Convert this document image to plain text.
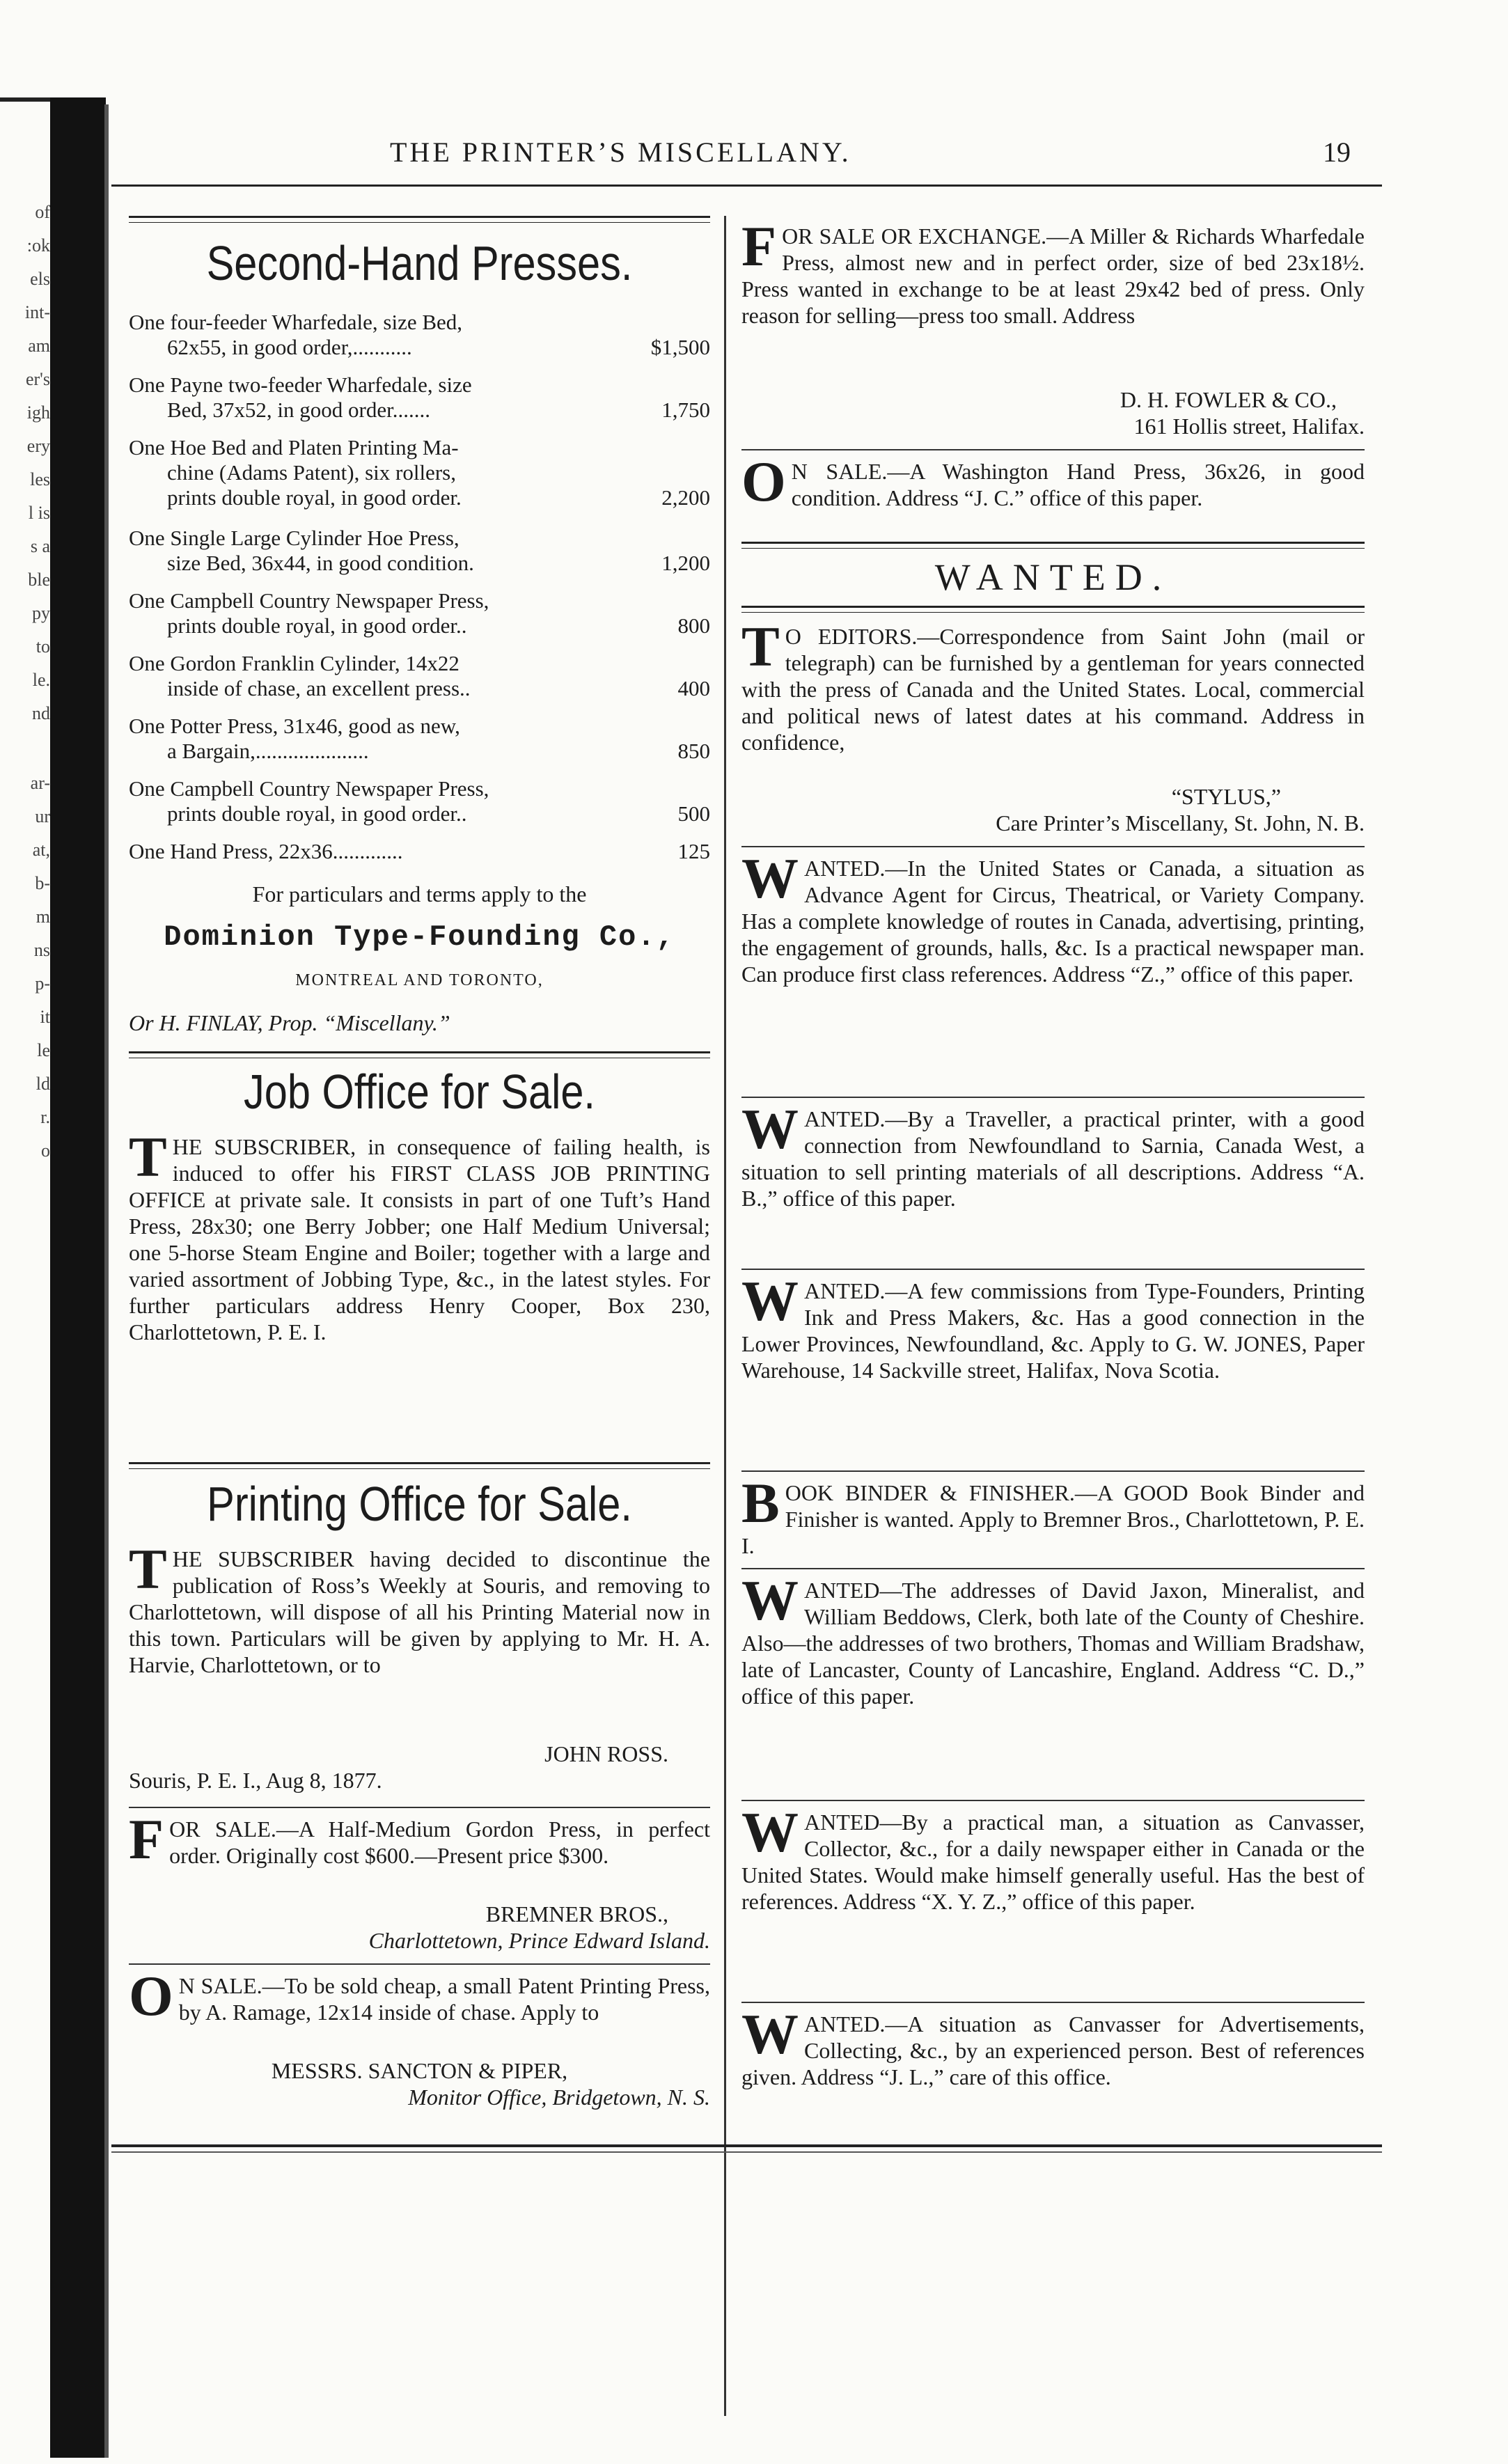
of
:ok
els
int-
am
er's
igh
ery
les
l is
s a
ble
py
to
le.
nd
ar-
ur
at,
b-
m
ns
p-
it
le
ld
r.
o
THE PRINTER’S MISCELLANY.	19
Second-Hand Presses.
One four-feeder Wharfedale, size Bed,
62x55, in good order,...........	$1,500
One Payne two-feeder Wharfedale, size
Bed, 37x52, in good order.......	1,750
One Hoe Bed and Platen Printing Ma-
chine (Adams Patent), six rollers,
prints double royal, in good order.	2,200
One Single Large Cylinder Hoe Press,
size Bed, 36x44, in good condition.	1,200
One Campbell Country Newspaper Press,
prints double royal, in good order..	800
One Gordon Franklin Cylinder, 14x22
inside of chase, an excellent press..	400
One Potter Press, 31x46, good as new,
a Bargain,.....................	850
One Campbell Country Newspaper Press,
prints double royal, in good order..	500
One Hand Press, 22x36.............	125
For particulars and terms apply to the
Dominion Type-Founding Co.,
MONTREAL AND TORONTO,
Or H. FINLAY, Prop. “Miscellany.”
Job Office for Sale.
THE SUBSCRIBER, in consequence of failing health, is induced to offer his FIRST CLASS JOB PRINTING OFFICE at private sale. It consists in part of one Tuft’s Hand Press, 28x30; one Berry Jobber; one Half Medium Universal; one 5-horse Steam Engine and Boiler; together with a large and varied assortment of Jobbing Type, &c., in the latest styles. For further particulars address Henry Cooper, Box 230, Charlottetown, P. E. I.
Printing Office for Sale.
THE SUBSCRIBER having decided to discontinue the publication of Ross’s Weekly at Souris, and removing to Charlottetown, will dispose of all his Printing Material now in this town. Particulars will be given by applying to Mr. H. A. Harvie, Charlottetown, or to
JOHN ROSS.
Souris, P. E. I., Aug 8, 1877.
FOR SALE.—A Half-Medium Gordon Press, in perfect order. Originally cost $600.—Present price $300.
BREMNER BROS.,
Charlottetown, Prince Edward Island.
O N SALE.—To be sold cheap, a small Patent Printing Press, by A. Ramage, 12x14 inside of chase. Apply to
MESSRS. SANCTON & PIPER,
Monitor Office, Bridgetown, N. S.
FOR SALE OR EXCHANGE.—A Miller & Richards Wharfedale Press, almost new and in perfect order, size of bed 23x18½. Press wanted in exchange to be at least 29x42 bed of press. Only reason for selling—press too small. Address
D. H. FOWLER & CO.,
161 Hollis street, Halifax.
O N SALE.—A Washington Hand Press, 36x26, in good condition. Address “J. C.” office of this paper.
WANTED.
T O EDITORS.—Correspondence from Saint John (mail or telegraph) can be furnished by a gentleman for years connected with the press of Canada and the United States. Local, commercial and political news of latest dates at his command. Address in confidence,
“STYLUS,”
Care Printer’s Miscellany, St. John, N. B.
WANTED.—In the United States or Canada, a situation as Advance Agent for Circus, Theatrical, or Variety Company. Has a complete knowledge of routes in Canada, advertising, printing, the engagement of grounds, halls, &c. Is a practical newspaper man. Can produce first class references. Address “Z.,” office of this paper.
WANTED.—By a Traveller, a practical printer, with a good connection from Newfoundland to Sarnia, Canada West, a situation to sell printing materials of all descriptions. Address “A. B.,” office of this paper.
WANTED.—A few commissions from Type-Founders, Printing Ink and Press Makers, &c. Has a good connection in the Lower Provinces, Newfoundland, &c. Apply to G. W. JONES, Paper Warehouse, 14 Sackville street, Halifax, Nova Scotia.
BOOK BINDER & FINISHER.—A GOOD Book Binder and Finisher is wanted. Apply to Bremner Bros., Charlottetown, P. E. I.
WANTED—The addresses of David Jaxon, Mineralist, and William Beddows, Clerk, both late of the County of Cheshire. Also—the addresses of two brothers, Thomas and William Bradshaw, late of Lancaster, County of Lancashire, England. Address “C. D.,” office of this paper.
WANTED—By a practical man, a situation as Canvasser, Collector, &c., for a daily newspaper either in Canada or the United States. Would make himself generally useful. Has the best of references. Address “X. Y. Z.,” office of this paper.
WANTED.—A situation as Canvasser for Advertisements, Collecting, &c., by an experienced person. Best of references given. Address “J. L.,” care of this office.
